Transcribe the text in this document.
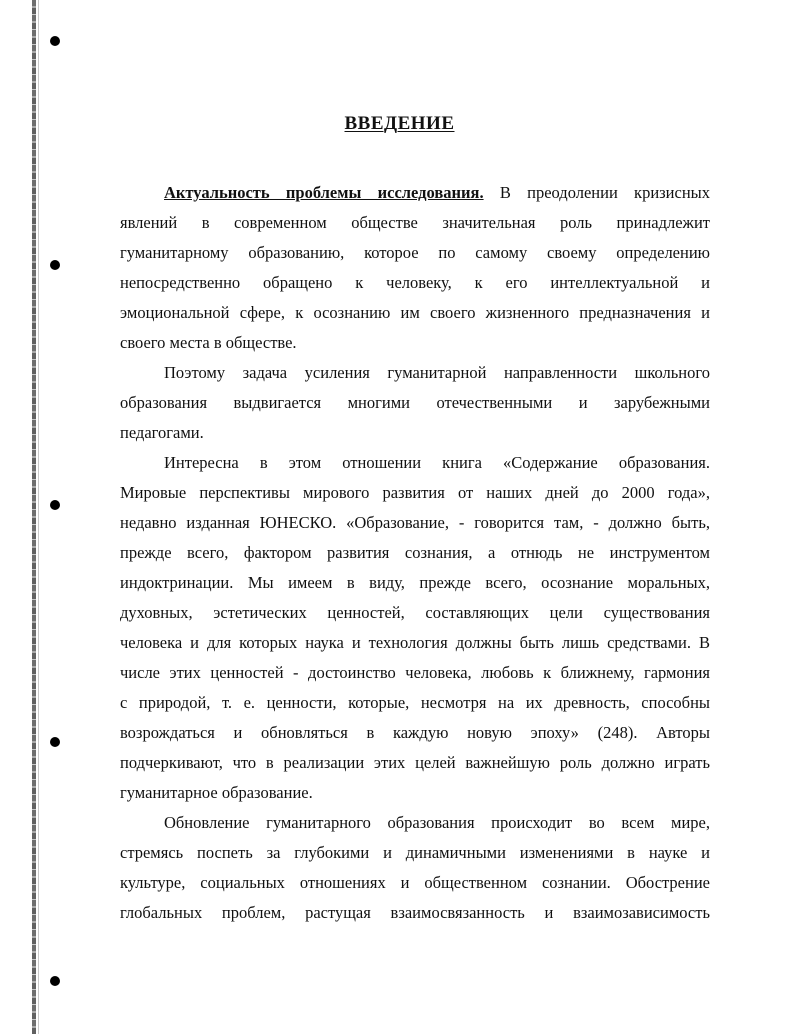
ВВЕДЕНИЕ
Актуальность проблемы исследования. В преодолении кризисных
явлений в современном обществе значительная роль принадлежит
гуманитарному образованию, которое по самому своему определению
непосредственно обращено к человеку, к его интеллектуальной и
эмоциональной сфере, к осознанию им своего жизненного предназначения и
своего места в обществе.
Поэтому задача усиления гуманитарной направленности школьного
образования выдвигается многими отечественными и зарубежными
педагогами.
Интересна в этом отношении книга «Содержание образования.
Мировые перспективы мирового развития от наших дней до 2000 года»,
недавно изданная ЮНЕСКО. «Образование, - говорится там, - должно быть,
прежде всего, фактором развития сознания, а отнюдь не инструментом
индоктринации. Мы имеем в виду, прежде всего, осознание моральных,
духовных, эстетических ценностей, составляющих цели существования
человека и для которых наука и технология должны быть лишь средствами. В
числе этих ценностей - достоинство человека, любовь к ближнему, гармония
с природой, т. е. ценности, которые, несмотря на их древность, способны
возрождаться и обновляться в каждую новую эпоху» (248). Авторы
подчеркивают, что в реализации этих целей важнейшую роль должно играть
гуманитарное образование.
Обновление гуманитарного образования происходит во всем мире,
стремясь поспеть за глубокими и динамичными изменениями в науке и
культуре, социальных отношениях и общественном сознании. Обострение
глобальных проблем, растущая взаимосвязанность и взаимозависимость
